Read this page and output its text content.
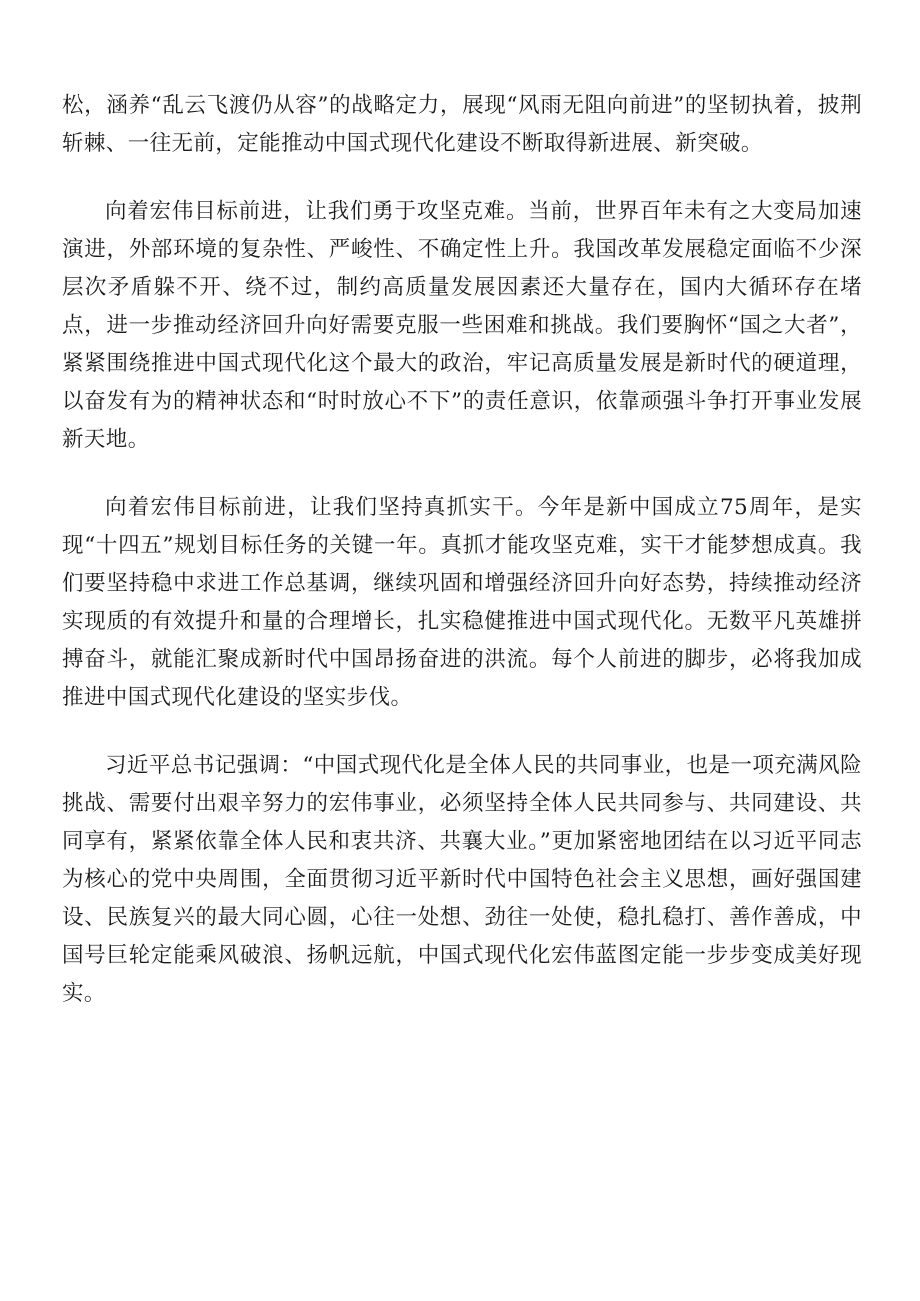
松，涵养“乱云飞渡仍从容”的战略定力，展现“风雨无阻向前进”的坚韧执着，披荆斩棘、一往无前，定能推动中国式现代化建设不断取得新进展、新突破。

向着宏伟目标前进，让我们勇于攻坚克难。当前，世界百年未有之大变局加速演进，外部环境的复杂性、严峻性、不确定性上升。我国改革发展稳定面临不少深层次矛盾躲不开、绕不过，制约高质量发展因素还大量存在，国内大循环存在堵点，进一步推动经济回升向好需要克服一些困难和挑战。我们要胸怀“国之大者”，紧紧围绕推进中国式现代化这个最大的政治，牢记高质量发展是新时代的硬道理，以奋发有为的精神状态和“时时放心不下”的责任意识，依靠顽强斗争打开事业发展新天地。

向着宏伟目标前进，让我们坚持真抓实干。今年是新中国成立75周年，是实现“十四五”规划目标任务的关键一年。真抓才能攻坚克难，实干才能梦想成真。我们要坚持稳中求进工作总基调，继续巩固和增强经济回升向好态势，持续推动经济实现质的有效提升和量的合理增长，扎实稳健推进中国式现代化。无数平凡英雄拼搏奋斗，就能汇聚成新时代中国昂扬奋进的洪流。每个人前进的脚步，必将我加成推进中国式现代化建设的坚实步伐。

习近平总书记强调：“中国式现代化是全体人民的共同事业，也是一项充满风险挑战、需要付出艰辛努力的宏伟事业，必须坚持全体人民共同参与、共同建设、共同享有，紧紧依靠全体人民和衷共济、共襄大业。”更加紧密地团结在以习近平同志为核心的党中央周围，全面贯彻习近平新时代中国特色社会主义思想，画好强国建设、民族复兴的最大同心圆，心往一处想、劲往一处使，稳扎稳打、善作善成，中国号巨轮定能乘风破浪、扬帆远航，中国式现代化宏伟蓝图定能一步步变成美好现实。
